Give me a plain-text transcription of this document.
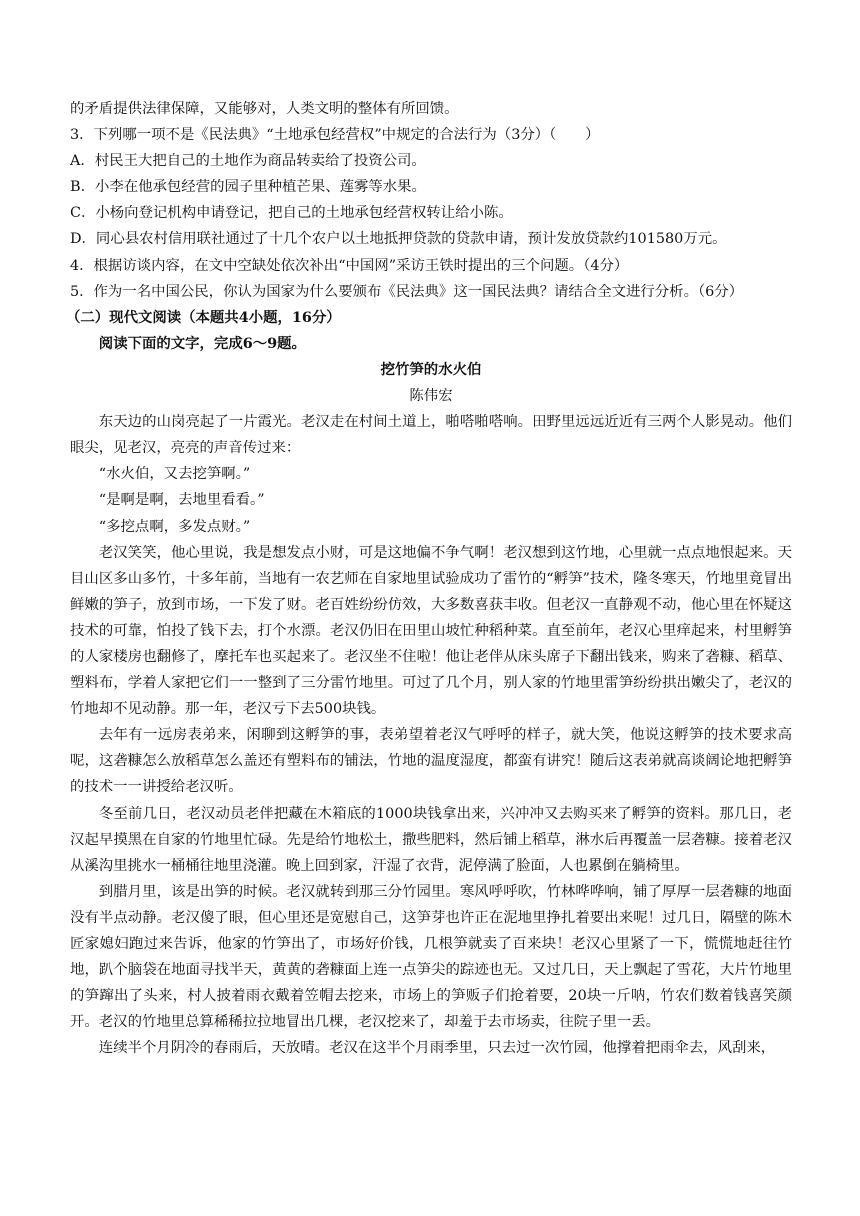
的矛盾提供法律保障，又能够对，人类文明的整体有所回馈。
3．下列哪一项不是《民法典》“土地承包经营权”中规定的合法行为（3分）（　　）
A．村民王大把自己的土地作为商品转卖给了投资公司。
B．小李在他承包经营的园子里种植芒果、莲雾等水果。
C．小杨向登记机构申请登记，把自己的土地承包经营权转让给小陈。
D．同心县农村信用联社通过了十几个农户以土地抵押贷款的贷款申请，预计发放贷款约101580万元。
4．根据访谈内容，在文中空缺处依次补出“中国网”采访王铁时提出的三个问题。（4分）
5．作为一名中国公民，你认为国家为什么要颁布《民法典》这一国民法典？请结合全文进行分析。（6分）
（二）现代文阅读（本题共4小题，16分）
阅读下面的文字，完成6～9题。
挖竹笋的水火伯
陈伟宏

东天边的山岗亮起了一片霞光。老汉走在村间土道上，啪嗒啪嗒响。田野里远远近近有三两个人影晃动。他们眼尖，见老汉，亮亮的声音传过来：

“水火伯，又去挖笋啊。”

“是啊是啊，去地里看看。”

“多挖点啊，多发点财。”

老汉笑笑，他心里说，我是想发点小财，可是这地偏不争气啊！老汉想到这竹地，心里就一点点地恨起来。天目山区多山多竹，十多年前，当地有一农艺师在自家地里试验成功了雷竹的“孵笋”技术，隆冬寒天，竹地里竟冒出鲜嫩的笋子，放到市场，一下发了财。老百姓纷纷仿效，大多数喜获丰收。但老汉一直静观不动，他心里在怀疑这技术的可靠，怕投了钱下去，打个水漂。老汉仍旧在田里山坡忙种稻种菜。直至前年，老汉心里痒起来，村里孵笋的人家楼房也翻修了，摩托车也买起来了。老汉坐不住啦！他让老伴从床头席子下翻出钱来，购来了砻糠、稻草、塑料布，学着人家把它们一一整到了三分雷竹地里。可过了几个月，别人家的竹地里雷笋纷纷拱出嫩尖了，老汉的竹地却不见动静。那一年，老汉亏下去500块钱。

去年有一远房表弟来，闲聊到这孵笋的事，表弟望着老汉气呼呼的样子，就大笑，他说这孵笋的技术要求高呢，这砻糠怎么放稻草怎么盖还有塑料布的铺法，竹地的温度湿度，都蛮有讲究！随后这表弟就高谈阔论地把孵笋的技术一一讲授给老汉听。

冬至前几日，老汉动员老伴把藏在木箱底的1000块钱拿出来，兴冲冲又去购买来了孵笋的资料。那几日，老汉起早摸黑在自家的竹地里忙碌。先是给竹地松土，撒些肥料，然后铺上稻草，淋水后再覆盖一层砻糠。接着老汉从溪沟里挑水一桶桶往地里浇灌。晚上回到家，汗湿了衣背，泥停满了脸面，人也累倒在躺椅里。

到腊月里，该是出笋的时候。老汉就转到那三分竹园里。寒风呼呼吹，竹林哗哗响，铺了厚厚一层砻糠的地面没有半点动静。老汉傻了眼，但心里还是宽慰自己，这笋芽也许正在泥地里挣扎着要出来呢！过几日，隔壁的陈木匠家媳妇跑过来告诉，他家的竹笋出了，市场好价钱，几根笋就卖了百来块！老汉心里紧了一下，慌慌地赶往竹地，趴个脑袋在地面寻找半天，黄黄的砻糠面上连一点笋尖的踪迹也无。又过几日，天上飘起了雪花，大片竹地里的笋蹿出了头来，村人披着雨衣戴着笠帽去挖来，市场上的笋贩子们抢着要，20块一斤呐，竹农们数着钱喜笑颜开。老汉的竹地里总算稀稀拉拉地冒出几棵，老汉挖来了，却羞于去市场卖，往院子里一丢。

连续半个月阴冷的春雨后，天放晴。老汉在这半个月雨季里，只去过一次竹园，他撑着把雨伞去，风刮来，
